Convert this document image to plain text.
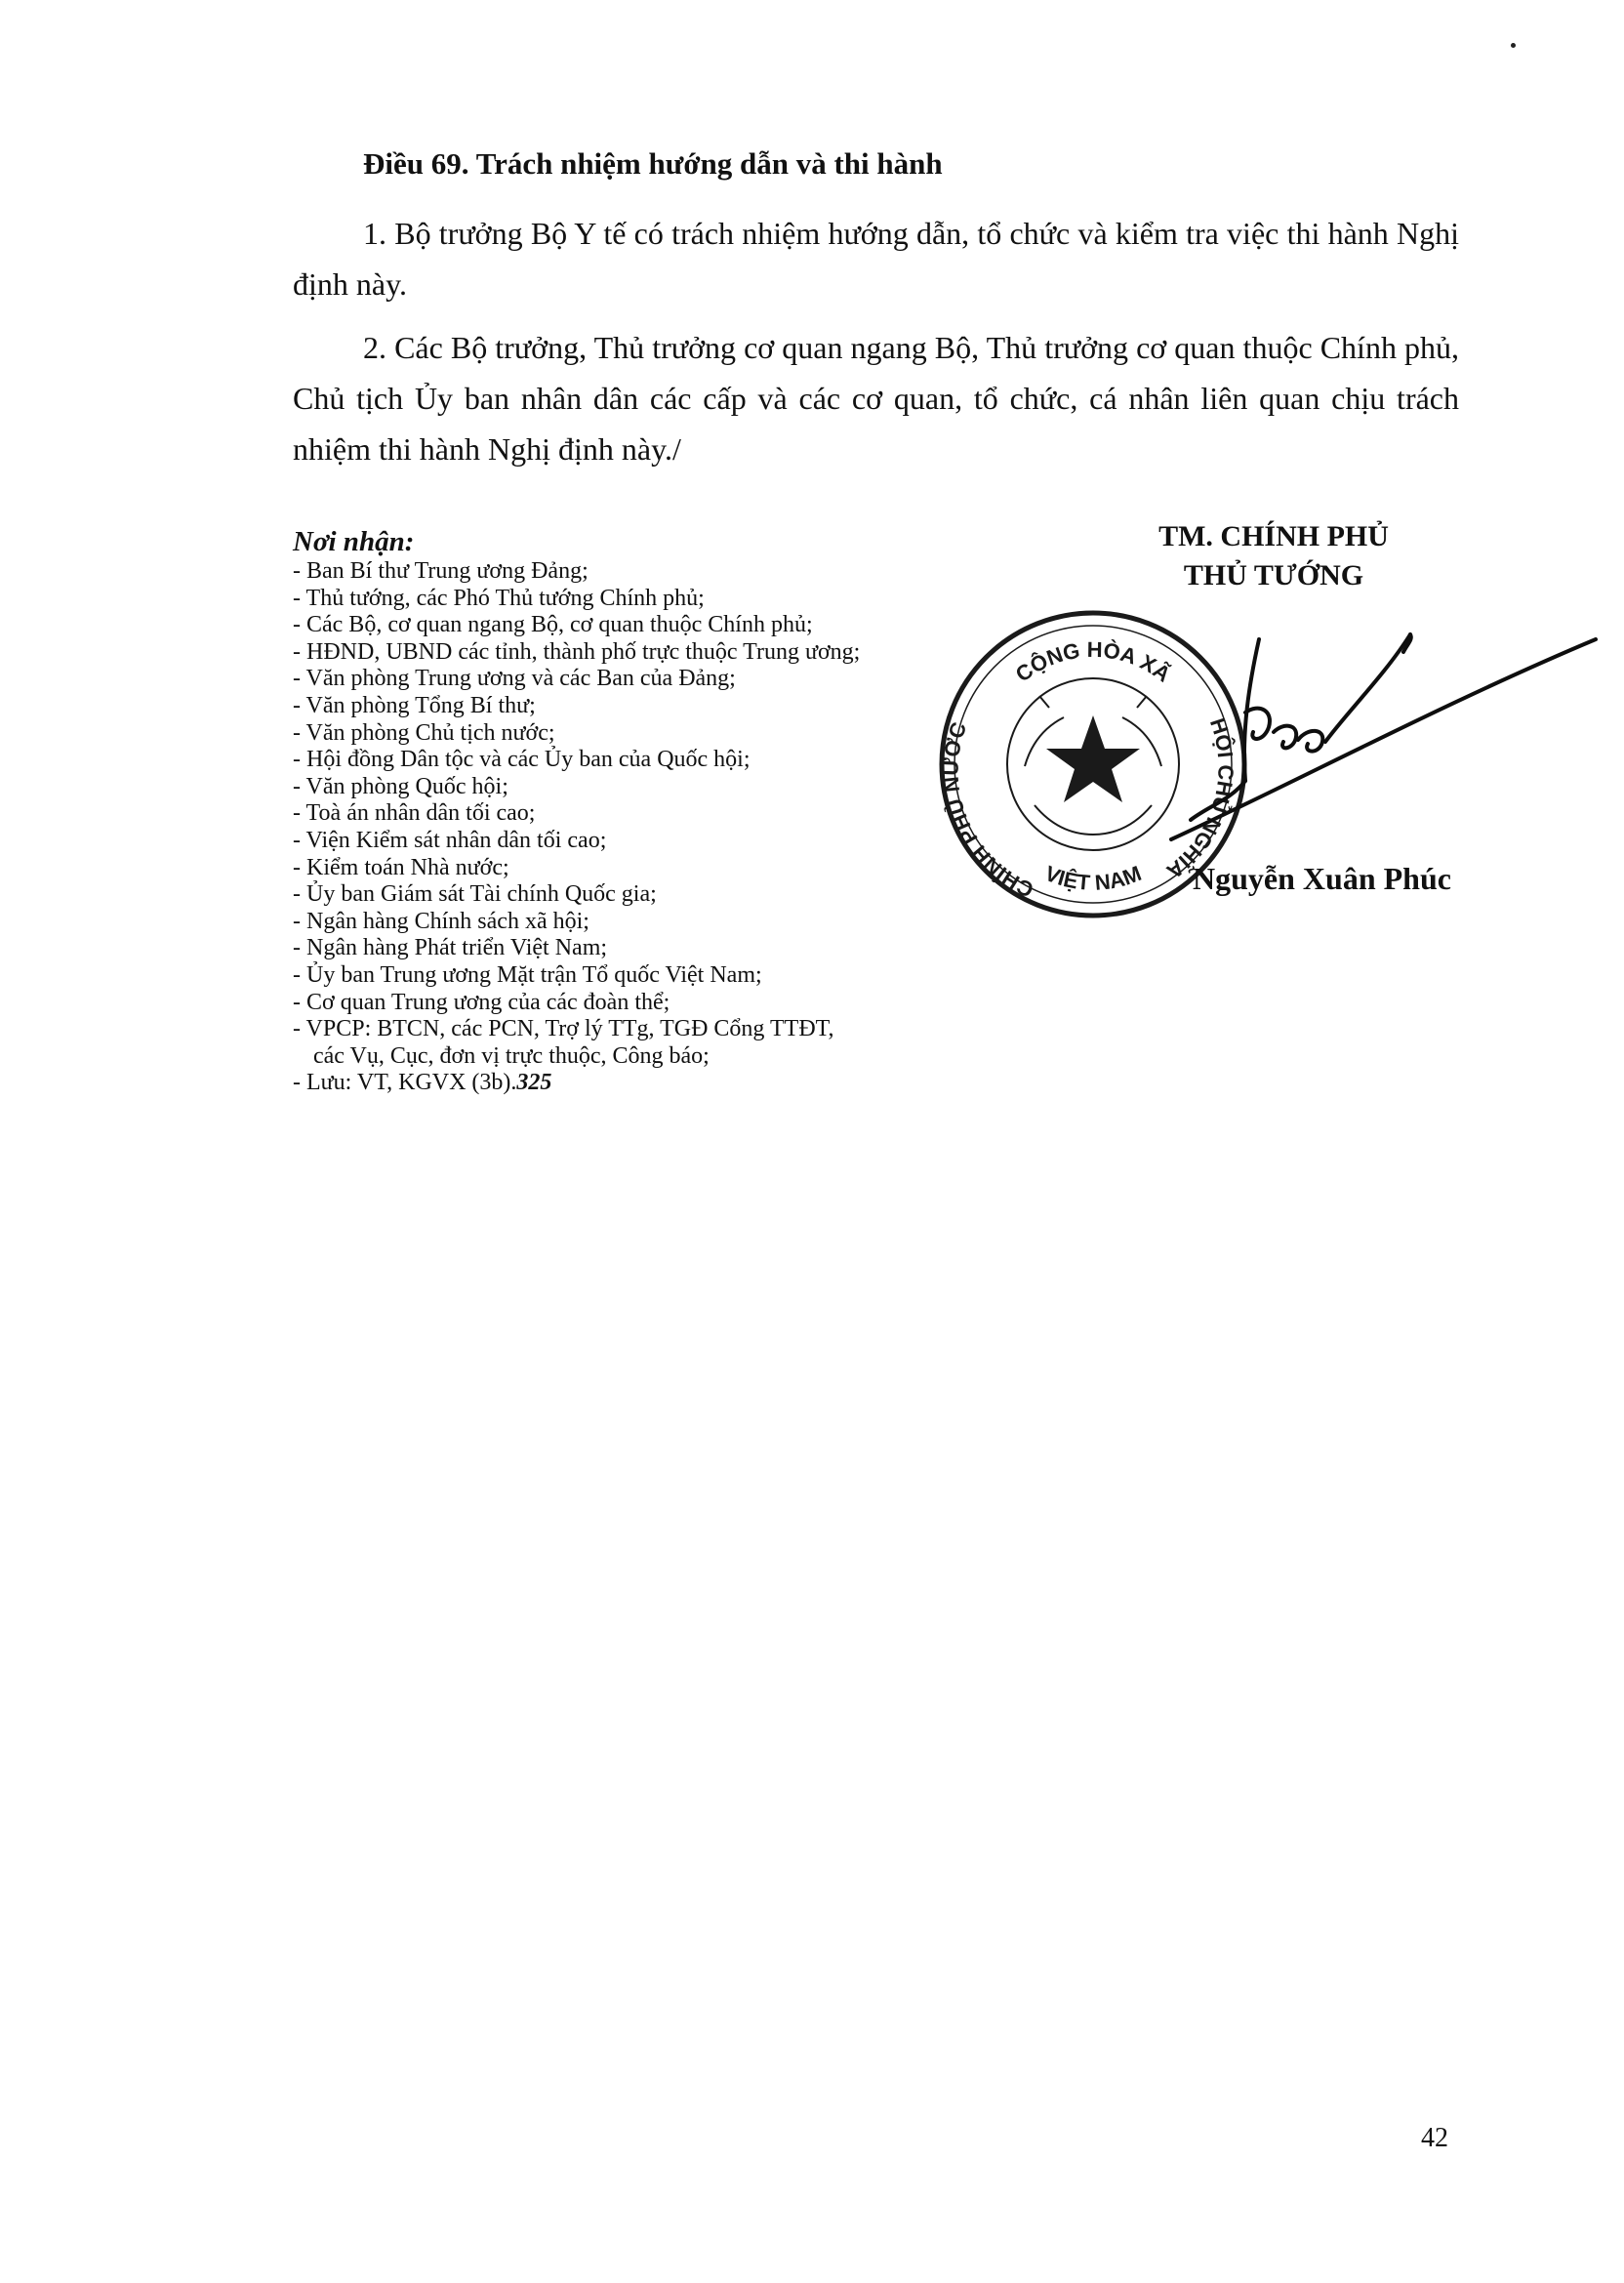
Điều 69. Trách nhiệm hướng dẫn và thi hành
1. Bộ trưởng Bộ Y tế có trách nhiệm hướng dẫn, tổ chức và kiểm tra việc thi hành Nghị định này.
2. Các Bộ trưởng, Thủ trưởng cơ quan ngang Bộ, Thủ trưởng cơ quan thuộc Chính phủ, Chủ tịch Ủy ban nhân dân các cấp và các cơ quan, tổ chức, cá nhân liên quan chịu trách nhiệm thi hành Nghị định này./
Nơi nhận:
- Ban Bí thư Trung ương Đảng;
- Thủ tướng, các Phó Thủ tướng Chính phủ;
- Các Bộ, cơ quan ngang Bộ, cơ quan thuộc Chính phủ;
- HĐND, UBND các tỉnh, thành phố trực thuộc Trung ương;
- Văn phòng Trung ương và các Ban của Đảng;
- Văn phòng Tổng Bí thư;
- Văn phòng Chủ tịch nước;
- Hội đồng Dân tộc và các Ủy ban của Quốc hội;
- Văn phòng Quốc hội;
- Toà án nhân dân tối cao;
- Viện Kiểm sát nhân dân tối cao;
- Kiểm toán Nhà nước;
- Ủy ban Giám sát Tài chính Quốc gia;
- Ngân hàng Chính sách xã hội;
- Ngân hàng Phát triển Việt Nam;
- Ủy ban Trung ương Mặt trận Tổ quốc Việt Nam;
- Cơ quan Trung ương của các đoàn thể;
- VPCP: BTCN, các PCN, Trợ lý TTg, TGĐ Cổng TTĐT,
các Vụ, Cục, đơn vị trực thuộc, Công báo;
- Lưu: VT, KGVX (3b).325
CỘNG HÒA XÃ
CHÍNH PHỦ NƯỚC	HỘI CHỦ NGHĨA
VIỆT NAM
TM. CHÍNH PHỦ
THỦ TƯỚNG
Nguyễn Xuân Phúc
42
